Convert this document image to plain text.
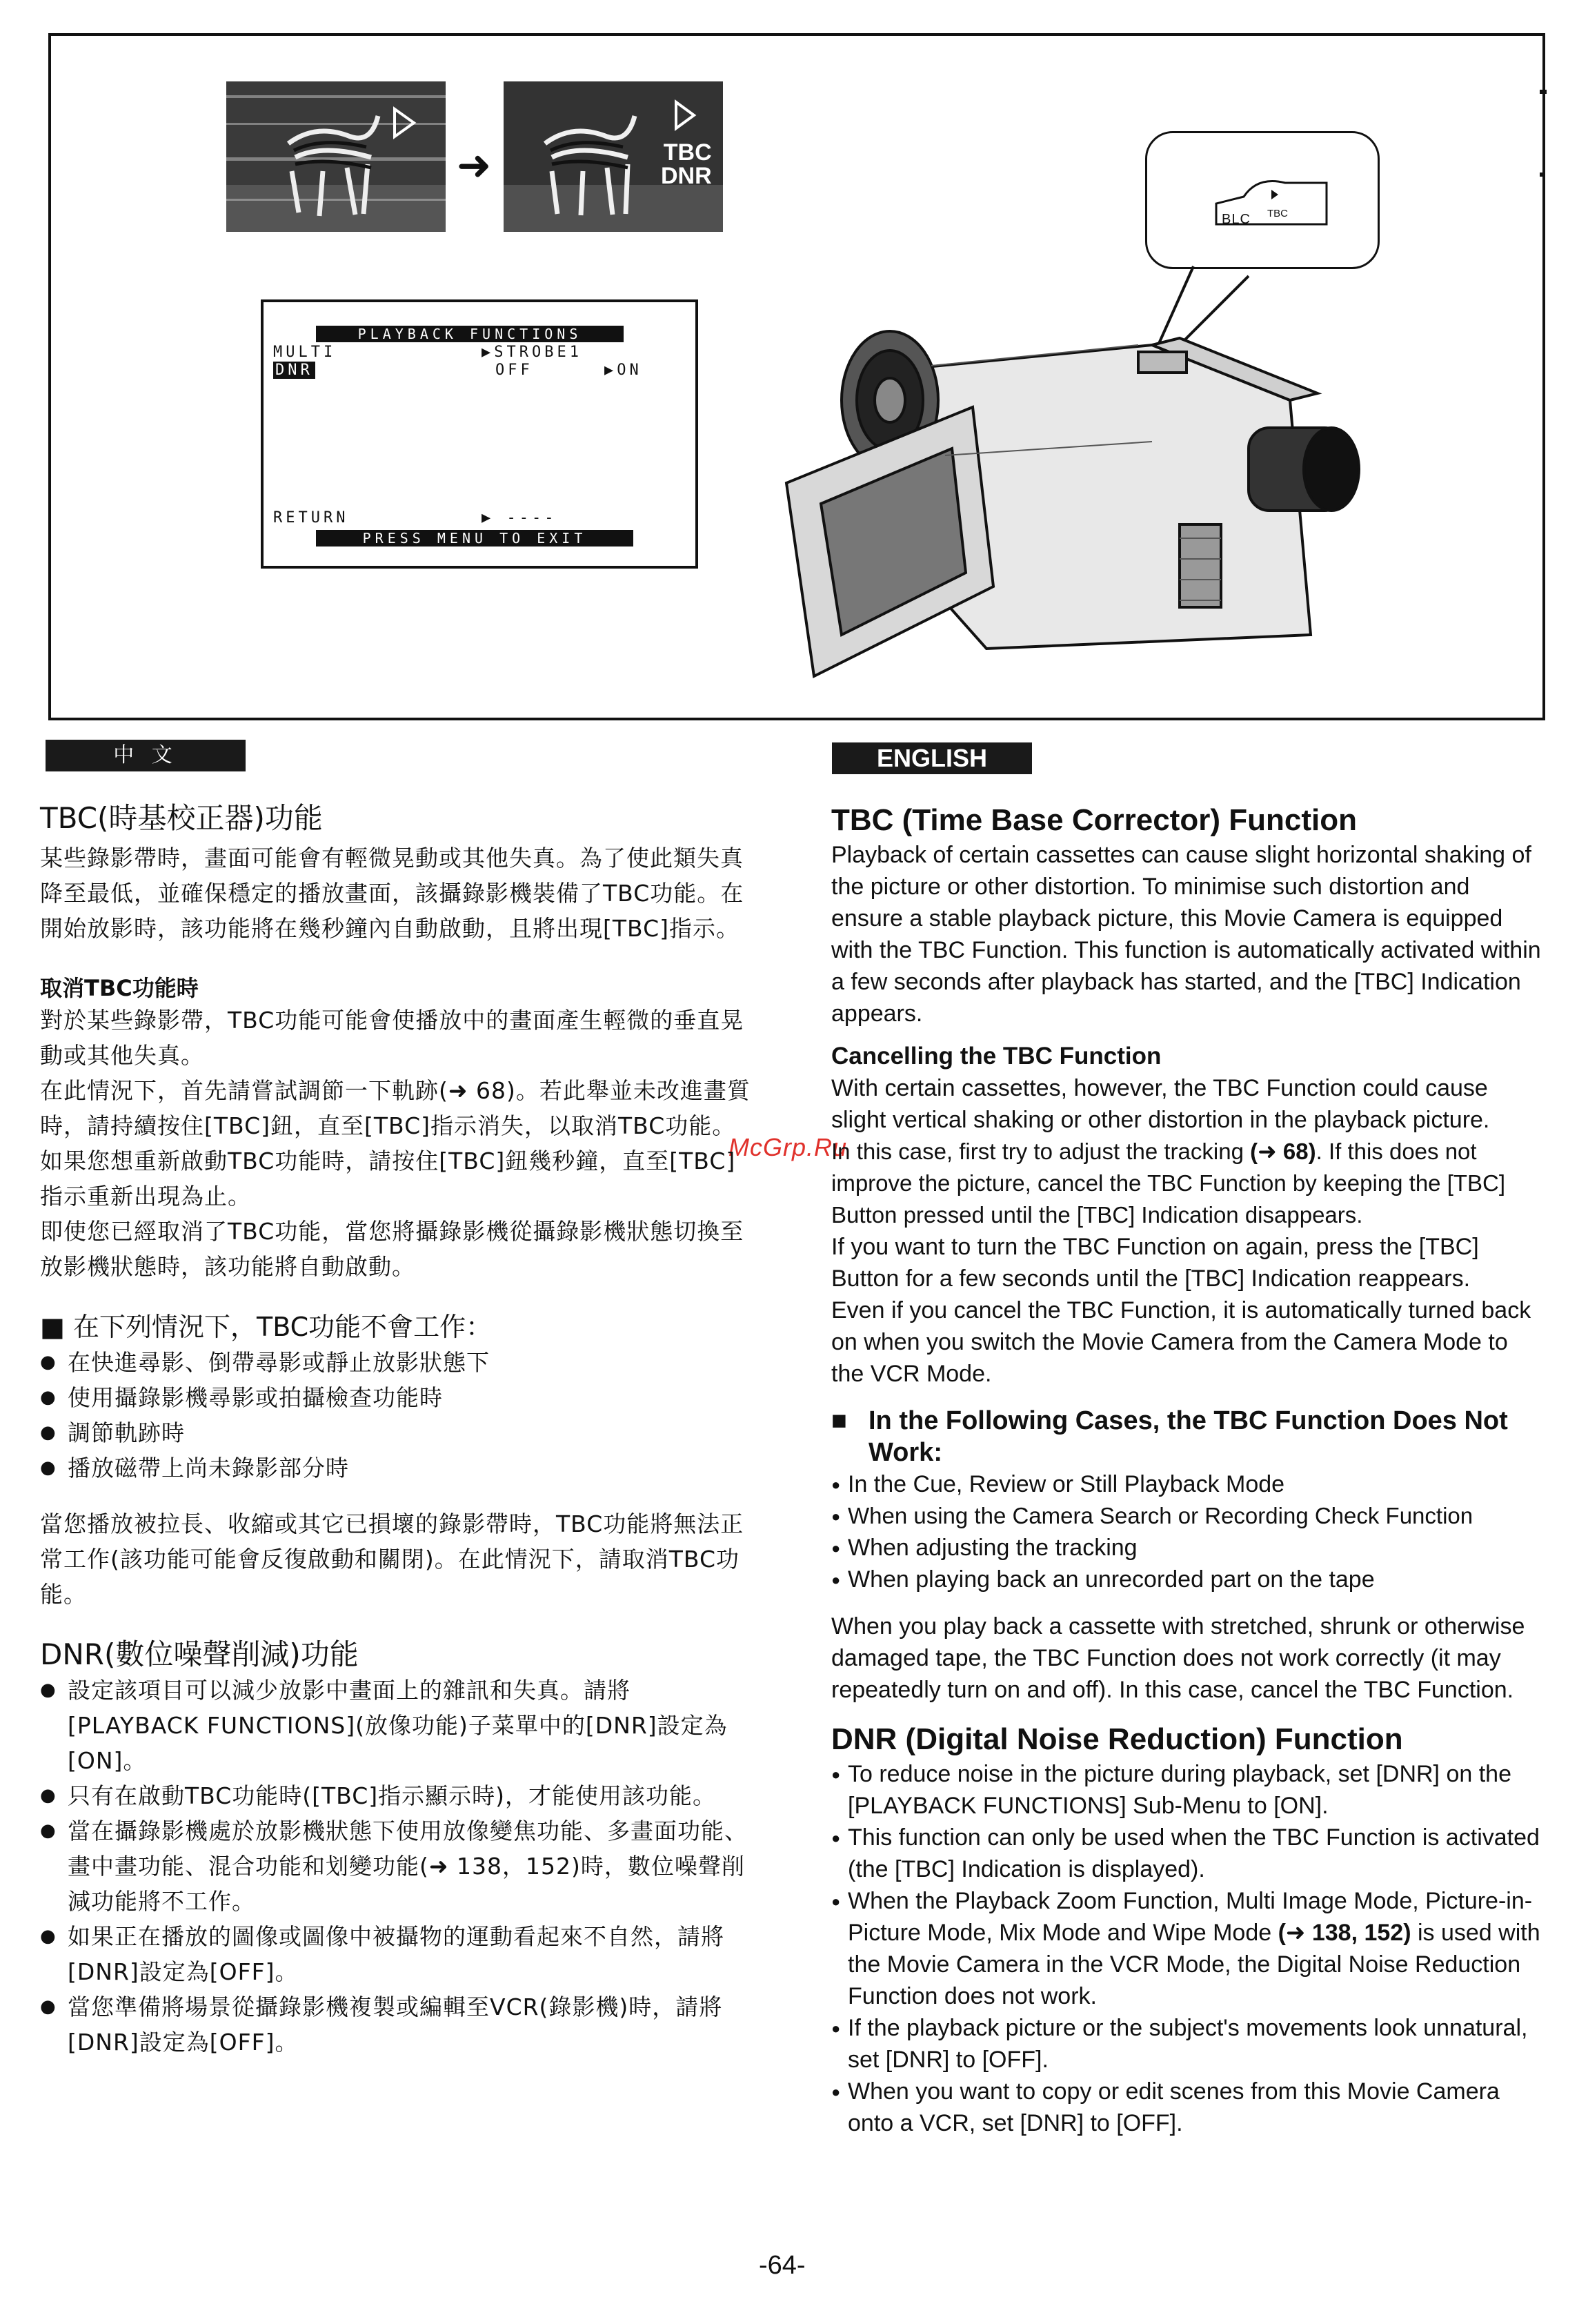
➜	TBC
DNR
PLAYBACK FUNCTIONS
MULTI	▶STROBE1
DNR	OFF	▶ON
RETURN	▶ ----
PRESS MENU TO EXIT
BLC TBC
McGrp.Ru
中 文
TBC(時基校正器)功能
某些錄影帶時，畫面可能會有輕微晃動或其他失真。為了使此類失真降至最低，並確保穩定的播放畫面，該攝錄影機裝備了TBC功能。在開始放影時，該功能將在幾秒鐘內自動啟動，且將出現[TBC]指示。
取消TBC功能時
對於某些錄影帶，TBC功能可能會使播放中的畫面產生輕微的垂直晃動或其他失真。
在此情況下，首先請嘗試調節一下軌跡(➜ 68)。若此舉並未改進畫質時，請持續按住[TBC]鈕，直至[TBC]指示消失，以取消TBC功能。
如果您想重新啟動TBC功能時，請按住[TBC]鈕幾秒鐘，直至[TBC]指示重新出現為止。
即使您已經取消了TBC功能，當您將攝錄影機從攝錄影機狀態切換至放影機狀態時，該功能將自動啟動。
■ 在下列情況下，TBC功能不會工作：
● 在快進尋影、倒帶尋影或靜止放影狀態下
● 使用攝錄影機尋影或拍攝檢查功能時
● 調節軌跡時
● 播放磁帶上尚未錄影部分時
當您播放被拉長、收縮或其它已損壞的錄影帶時，TBC功能將無法正常工作(該功能可能會反復啟動和關閉)。在此情況下，請取消TBC功能。
DNR(數位噪聲削減)功能
● 設定該項目可以減少放影中畫面上的雜訊和失真。請將[PLAYBACK FUNCTIONS](放像功能)子菜單中的[DNR]設定為[ON]。
● 只有在啟動TBC功能時([TBC]指示顯示時)，才能使用該功能。
● 當在攝錄影機處於放影機狀態下使用放像變焦功能、多畫面功能、畫中畫功能、混合功能和划變功能(➜ 138，152)時，數位噪聲削減功能將不工作。
● 如果正在播放的圖像或圖像中被攝物的運動看起來不自然，請將[DNR]設定為[OFF]。
● 當您準備將場景從攝錄影機複製或編輯至VCR(錄影機)時，請將[DNR]設定為[OFF]。
ENGLISH
TBC (Time Base Corrector) Function
Playback of certain cassettes can cause slight horizontal shaking of the picture or other distortion. To minimise such distortion and ensure a stable playback picture, this Movie Camera is equipped with the TBC Function. This function is automatically activated within a few seconds after playback has started, and the [TBC] Indication appears.
Cancelling the TBC Function
With certain cassettes, however, the TBC Function could cause slight vertical shaking or other distortion in the playback picture.
In this case, first try to adjust the tracking (➜ 68). If this does not improve the picture, cancel the TBC Function by keeping the [TBC] Button pressed until the [TBC] Indication disappears.
If you want to turn the TBC Function on again, press the [TBC] Button for a few seconds until the [TBC] Indication reappears.
Even if you cancel the TBC Function, it is automatically turned back on when you switch the Movie Camera from the Camera Mode to the VCR Mode.
■ In the Following Cases, the TBC Function Does Not Work:
● In the Cue, Review or Still Playback Mode
● When using the Camera Search or Recording Check Function
● When adjusting the tracking
● When playing back an unrecorded part on the tape
When you play back a cassette with stretched, shrunk or otherwise damaged tape, the TBC Function does not work correctly (it may repeatedly turn on and off). In this case, cancel the TBC Function.
DNR (Digital Noise Reduction) Function
● To reduce noise in the picture during playback, set [DNR] on the [PLAYBACK FUNCTIONS] Sub-Menu to [ON].
● This function can only be used when the TBC Function is activated (the [TBC] Indication is displayed).
● When the Playback Zoom Function, Multi Image Mode, Picture-in-Picture Mode, Mix Mode and Wipe Mode (➜ 138, 152) is used with the Movie Camera in the VCR Mode, the Digital Noise Reduction Function does not work.
● If the playback picture or the subject's movements look unnatural, set [DNR] to [OFF].
● When you want to copy or edit scenes from this Movie Camera onto a VCR, set [DNR] to [OFF].
-64-
